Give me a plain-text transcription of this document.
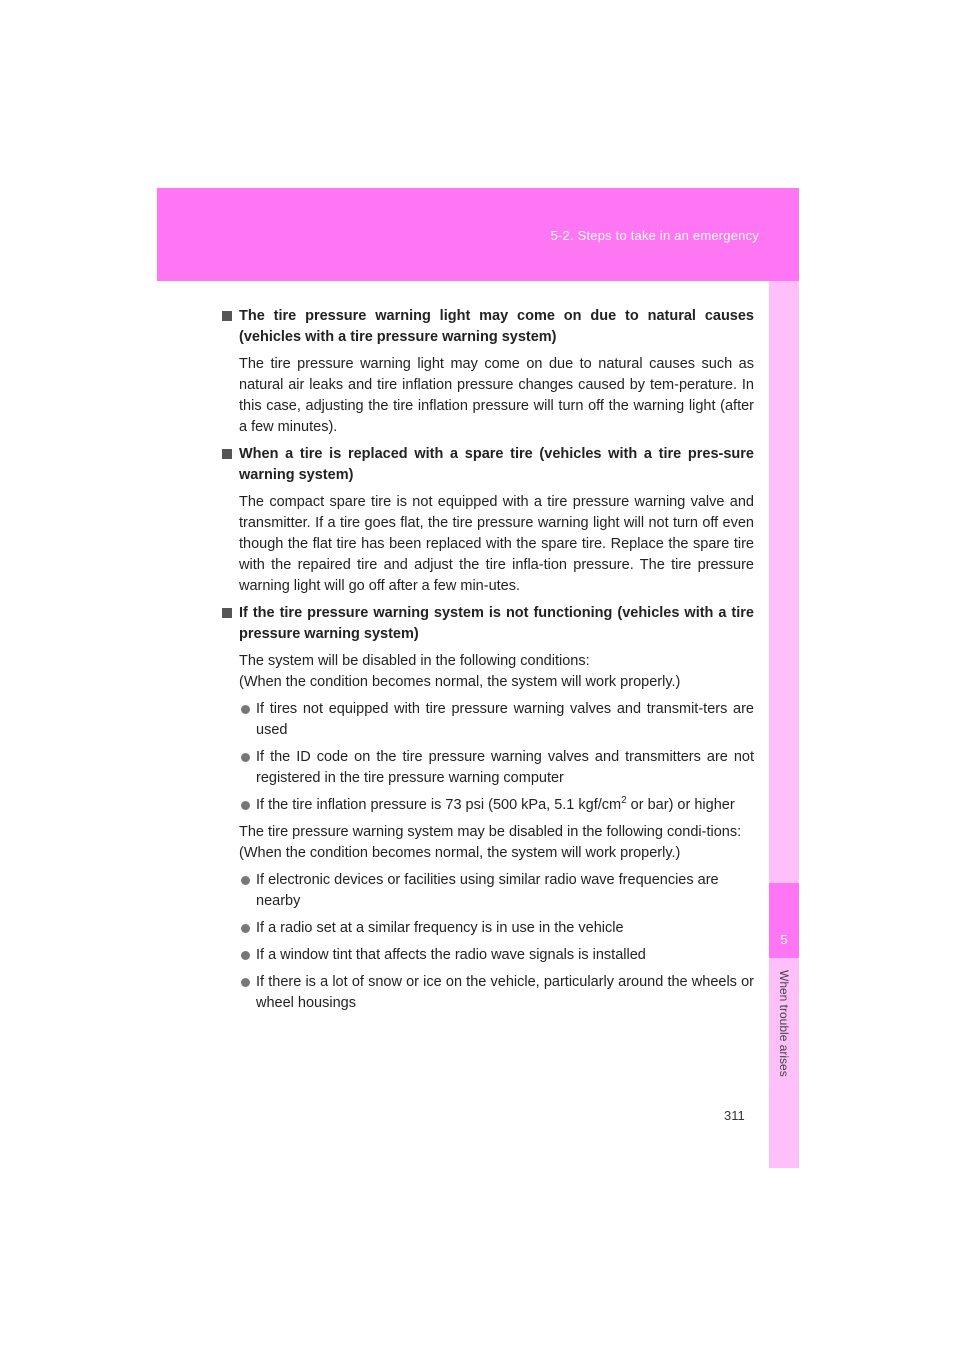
5-2. Steps to take in an emergency
5
When trouble arises
The tire pressure warning light may come on due to natural causes (vehicles with a tire pressure warning system)
The tire pressure warning light may come on due to natural causes such as natural air leaks and tire inflation pressure changes caused by tem-perature. In this case, adjusting the tire inflation pressure will turn off the warning light (after a few minutes).
When a tire is replaced with a spare tire (vehicles with a tire pres-sure warning system)
The compact spare tire is not equipped with a tire pressure warning valve and transmitter. If a tire goes flat, the tire pressure warning light will not turn off even though the flat tire has been replaced with the spare tire. Replace the spare tire with the repaired tire and adjust the tire infla-tion pressure. The tire pressure warning light will go off after a few min-utes.
If the tire pressure warning system is not functioning (vehicles with a tire pressure warning system)
The system will be disabled in the following conditions:
(When the condition becomes normal, the system will work properly.)
If tires not equipped with tire pressure warning valves and transmit-ters are used
If the ID code on the tire pressure warning valves and transmitters are not registered in the tire pressure warning computer
If the tire inflation pressure is 73 psi (500 kPa, 5.1 kgf/$cm^2$ or bar) or higher
The tire pressure warning system may be disabled in the following condi-tions:
(When the condition becomes normal, the system will work properly.)
If electronic devices or facilities using similar radio wave frequencies are nearby
If a radio set at a similar frequency is in use in the vehicle
If a window tint that affects the radio wave signals is installed
If there is a lot of snow or ice on the vehicle, particularly around the wheels or wheel housings
311
